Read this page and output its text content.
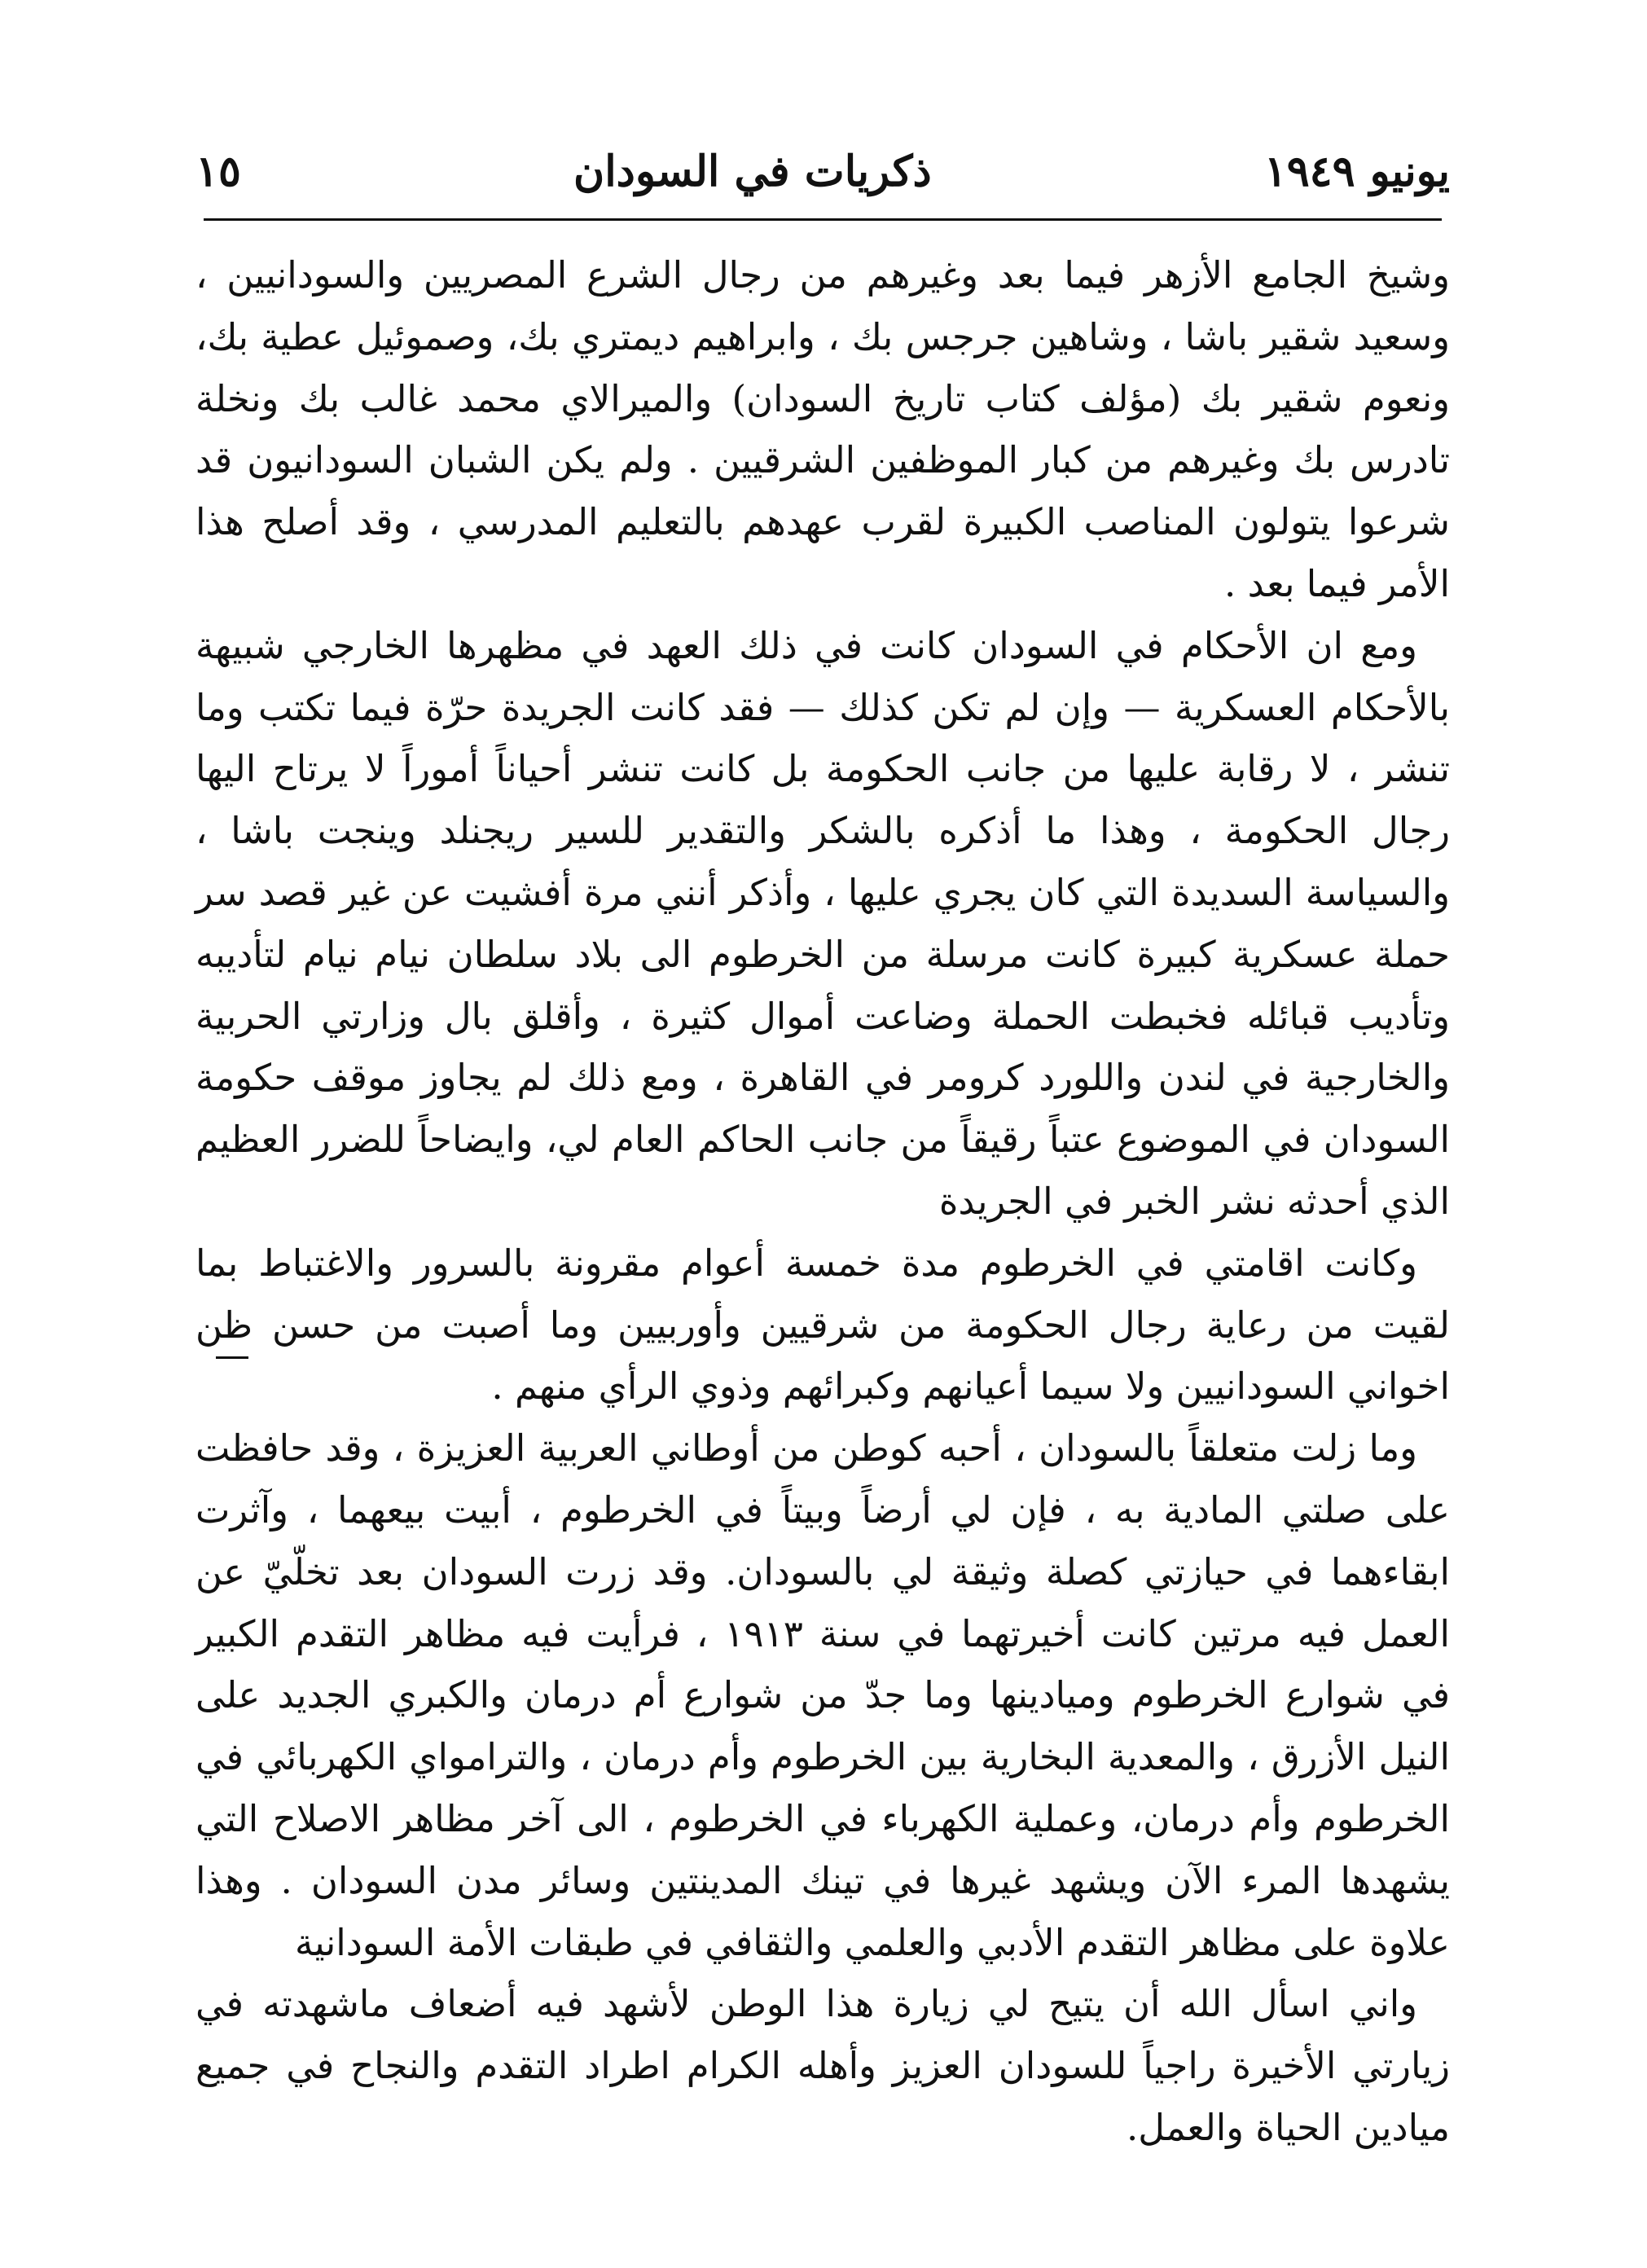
يونيو ١٩٤٩
ذكريات في السودان
١٥

وشيخ الجامع الأزهر فيما بعد وغيرهم من رجال الشرع المصريين والسودانيين ، وسعيد شقير باشا ، وشاهين جرجس بك ، وابراهيم ديمتري بك، وصموئيل عطية بك، ونعوم شقير بك (مؤلف كتاب تاريخ السودان) والميرالاي محمد غالب بك ونخلة تادرس بك وغيرهم من كبار الموظفين الشرقيين . ولم يكن الشبان السودانيون قد شرعوا يتولون المناصب الكبيرة لقرب عهدهم بالتعليم المدرسي ، وقد أصلح هذا الأمر فيما بعد .

ومع ان الأحكام في السودان كانت في ذلك العهد في مظهرها الخارجي شبيهة بالأحكام العسكرية — وإن لم تكن كذلك — فقد كانت الجريدة حرّة فيما تكتب وما تنشر ، لا رقابة عليها من جانب الحكومة بل كانت تنشر أحياناً أموراً لا يرتاح اليها رجال الحكومة ، وهذا ما أذكره بالشكر والتقدير للسير ريجنلد وينجت باشا ، والسياسة السديدة التي كان يجري عليها ، وأذكر أنني مرة أفشيت عن غير قصد سر حملة عسكرية كبيرة كانت مرسلة من الخرطوم الى بلاد سلطان نيام نيام لتأديبه وتأديب قبائله فخبطت الحملة وضاعت أموال كثيرة ، وأقلق بال وزارتي الحربية والخارجية في لندن واللورد كرومر في القاهرة ، ومع ذلك لم يجاوز موقف حكومة السودان في الموضوع عتباً رقيقاً من جانب الحاكم العام لي، وايضاحاً للضرر العظيم الذي أحدثه نشر الخبر في الجريدة

وكانت اقامتي في الخرطوم مدة خمسة أعوام مقرونة بالسرور والاغتباط بما لقيت من رعاية رجال الحكومة من شرقيين وأوربيين وما أصبت من حسن ظن اخواني السودانيين ولا سيما أعيانهم وكبرائهم وذوي الرأي منهم .

وما زلت متعلقاً بالسودان ، أحبه كوطن من أوطاني العربية العزيزة ، وقد حافظت على صلتي المادية به ، فإن لي أرضاً وبيتاً في الخرطوم ، أبيت بيعهما ، وآثرت ابقاءهما في حيازتي كصلة وثيقة لي بالسودان. وقد زرت السودان بعد تخلّيّ عن العمل فيه مرتين كانت أخيرتهما في سنة ١٩١٣ ، فرأيت فيه مظاهر التقدم الكبير في شوارع الخرطوم وميادينها وما جدّ من شوارع أم درمان والكبري الجديد على النيل الأزرق ، والمعدية البخارية بين الخرطوم وأم درمان ، والترامواي الكهربائي في الخرطوم وأم درمان، وعملية الكهرباء في الخرطوم ، الى آخر مظاهر الاصلاح التي يشهدها المرء الآن ويشهد غيرها في تينك المدينتين وسائر مدن السودان . وهذا علاوة على مظاهر التقدم الأدبي والعلمي والثقافي في طبقات الأمة السودانية

واني اسأل الله أن يتيح لي زيارة هذا الوطن لأشهد فيه أضعاف ماشهدته في زيارتي الأخيرة راجياً للسودان العزيز وأهله الكرام اطراد التقدم والنجاح في جميع ميادين الحياة والعمل.
